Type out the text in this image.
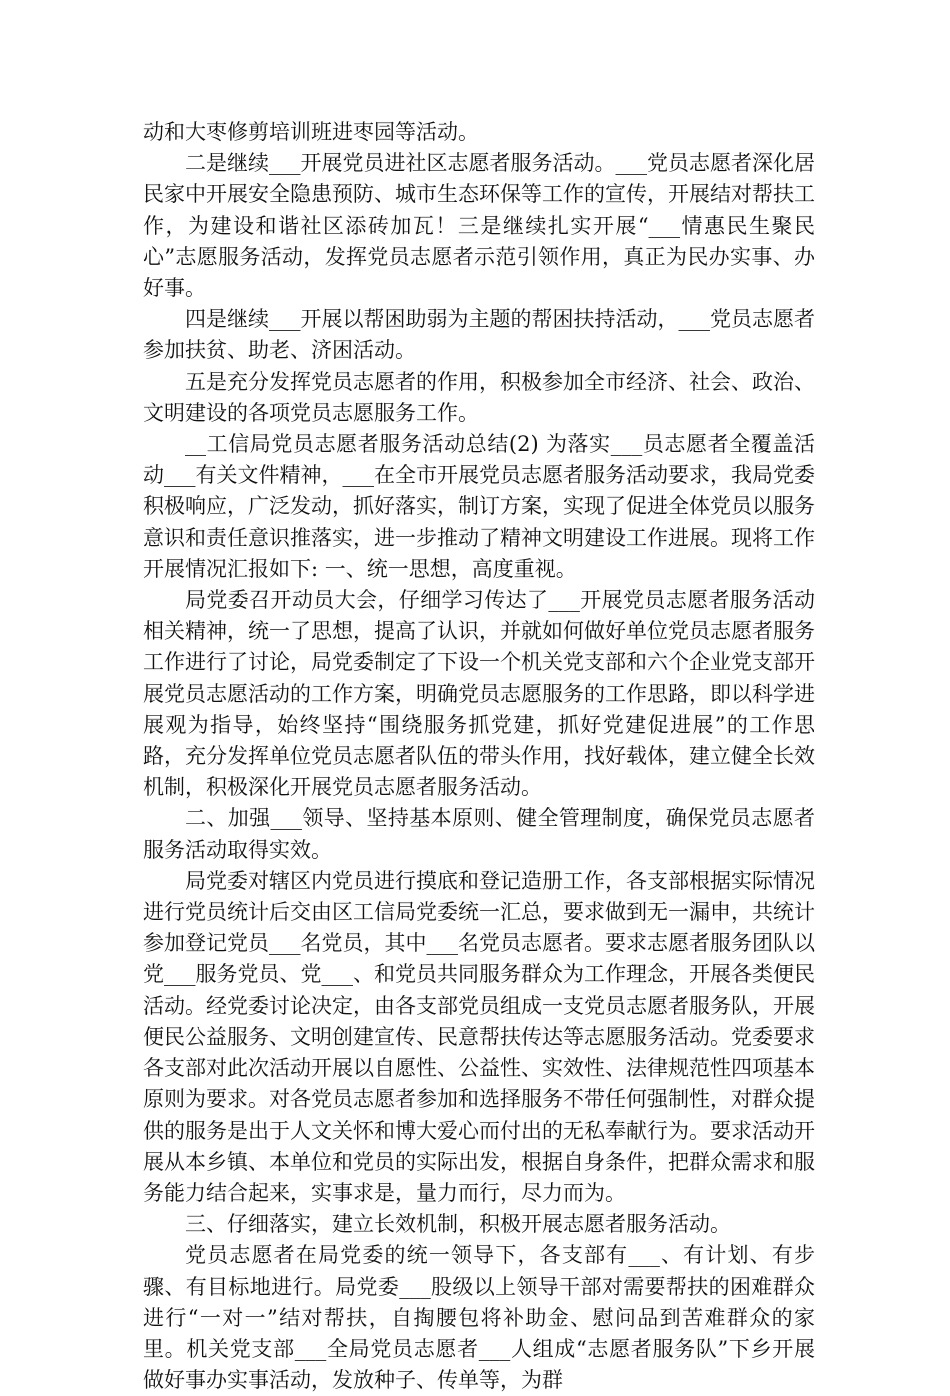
动和大枣修剪培训班进枣园等活动。

二是继续___开展党员进社区志愿者服务活动。___党员志愿者深化居民家中开展安全隐患预防、城市生态环保等工作的宣传，开展结对帮扶工作，为建设和谐社区添砖加瓦！三是继续扎实开展“___情惠民生聚民心”志愿服务活动，发挥党员志愿者示范引领作用，真正为民办实事、办好事。

四是继续___开展以帮困助弱为主题的帮困扶持活动，___党员志愿者参加扶贫、助老、济困活动。

五是充分发挥党员志愿者的作用，积极参加全市经济、社会、政治、文明建设的各项党员志愿服务工作。

__工信局党员志愿者服务活动总结(2) 为落实___员志愿者全覆盖活动___有关文件精神，___在全市开展党员志愿者服务活动要求，我局党委积极响应，广泛发动，抓好落实，制订方案，实现了促进全体党员以服务意识和责任意识推落实，进一步推动了精神文明建设工作进展。现将工作开展情况汇报如下: 一、统一思想，高度重视。

局党委召开动员大会，仔细学习传达了___开展党员志愿者服务活动相关精神，统一了思想，提高了认识，并就如何做好单位党员志愿者服务工作进行了讨论，局党委制定了下设一个机关党支部和六个企业党支部开展党员志愿活动的工作方案，明确党员志愿服务的工作思路，即以科学进展观为指导，始终坚持“围绕服务抓党建，抓好党建促进展”的工作思路，充分发挥单位党员志愿者队伍的带头作用，找好载体，建立健全长效机制，积极深化开展党员志愿者服务活动。

二、加强___领导、坚持基本原则、健全管理制度，确保党员志愿者服务活动取得实效。

局党委对辖区内党员进行摸底和登记造册工作，各支部根据实际情况进行党员统计后交由区工信局党委统一汇总，要求做到无一漏申，共统计参加登记党员___名党员，其中___名党员志愿者。要求志愿者服务团队以党___服务党员、党___、和党员共同服务群众为工作理念，开展各类便民活动。经党委讨论决定，由各支部党员组成一支党员志愿者服务队，开展便民公益服务、文明创建宣传、民意帮扶传达等志愿服务活动。党委要求各支部对此次活动开展以自愿性、公益性、实效性、法律规范性四项基本原则为要求。对各党员志愿者参加和选择服务不带任何强制性，对群众提供的服务是出于人文关怀和博大爱心而付出的无私奉献行为。要求活动开展从本乡镇、本单位和党员的实际出发，根据自身条件，把群众需求和服务能力结合起来，实事求是，量力而行，尽力而为。

三、仔细落实，建立长效机制，积极开展志愿者服务活动。

党员志愿者在局党委的统一领导下，各支部有___、有计划、有步骤、有目标地进行。局党委___股级以上领导干部对需要帮扶的困难群众进行“一对一”结对帮扶，自掏腰包将补助金、慰问品到苦难群众的家里。机关党支部___全局党员志愿者___人组成“志愿者服务队”下乡开展做好事办实事活动，发放种子、传单等，为群
